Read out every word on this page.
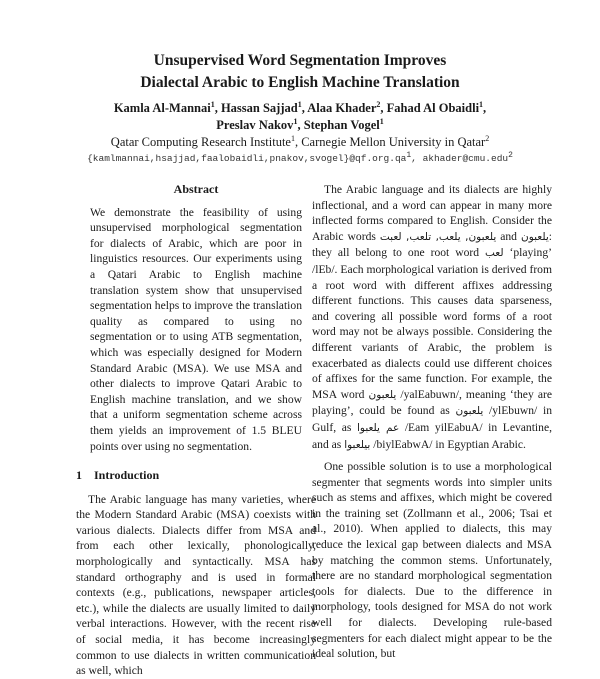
Unsupervised Word Segmentation Improves
Dialectal Arabic to English Machine Translation
Kamla Al-Mannai$^1$, Hassan Sajjad$^1$, Alaa Khader$^2$, Fahad Al Obaidli$^1$,
Preslav Nakov$^1$, Stephan Vogel$^1$
Qatar Computing Research Institute$^1$, Carnegie Mellon University in Qatar$^2$
$\{kamlmannai,hsajjad,faalobaidli,pnakov,svogel\}@qf.org.qa^1$, akhader@cmu.edu$^2$
Abstract
We demonstrate the feasibility of using unsupervised morphological segmentation for dialects of Arabic, which are poor in linguistics resources. Our experiments using a Qatari Arabic to English machine translation system show that unsupervised segmentation helps to improve the translation quality as compared to using no segmentation or to using ATB segmentation, which was especially designed for Modern Standard Arabic (MSA). We use MSA and other dialects to improve Qatari Arabic to English machine translation, and we show that a uniform segmentation scheme across them yields an improvement of 1.5 BLEU points over using no segmentation.
1 Introduction

The Arabic language has many varieties, where the Modern Standard Arabic (MSA) coexists with various dialects. Dialects differ from MSA and from each other lexically, phonologically, morphologically and syntactically. MSA has standard orthography and is used in formal contexts (e.g., publications, newspaper articles, etc.), while the dialects are usually limited to daily verbal interactions. However, with the recent rise of social media, it has become increasingly common to use dialects in written communication as well, which

The Arabic language and its dialects are highly inflectional, and a word can appear in many more inflected forms compared to English. Consider the Arabic words يلعبون, يلعب, تلعب, لعبت and يلعبون: they all belong to one root word لعب ‘playing’ /lEb/. Each morphological variation is derived from a root word with different affixes addressing different functions. This causes data sparseness, and covering all possible word forms of a root word may not be always possible. Considering the different variants of Arabic, the problem is exacerbated as dialects could use different choices of affixes for the same function. For example, the MSA word يلعبون /yalEabuwn/, meaning ‘they are playing’, could be found as يلعبون /ylEbuwn/ in Gulf, as عم يلعبوا /Eam yilEabuA/ in Levantine, and as بيلعبوا /biylEabwA/ in Egyptian Arabic.

One possible solution is to use a morphological segmenter that segments words into simpler units such as stems and affixes, which might be covered in the training set (Zollmann et al., 2006; Tsai et al., 2010). When applied to dialects, this may reduce the lexical gap between dialects and MSA by matching the common stems. Unfortunately, there are no standard morphological segmentation tools for dialects. Due to the difference in morphology, tools designed for MSA do not work well for dialects. Developing rule-based segmenters for each dialect might appear to be the ideal solution, but
